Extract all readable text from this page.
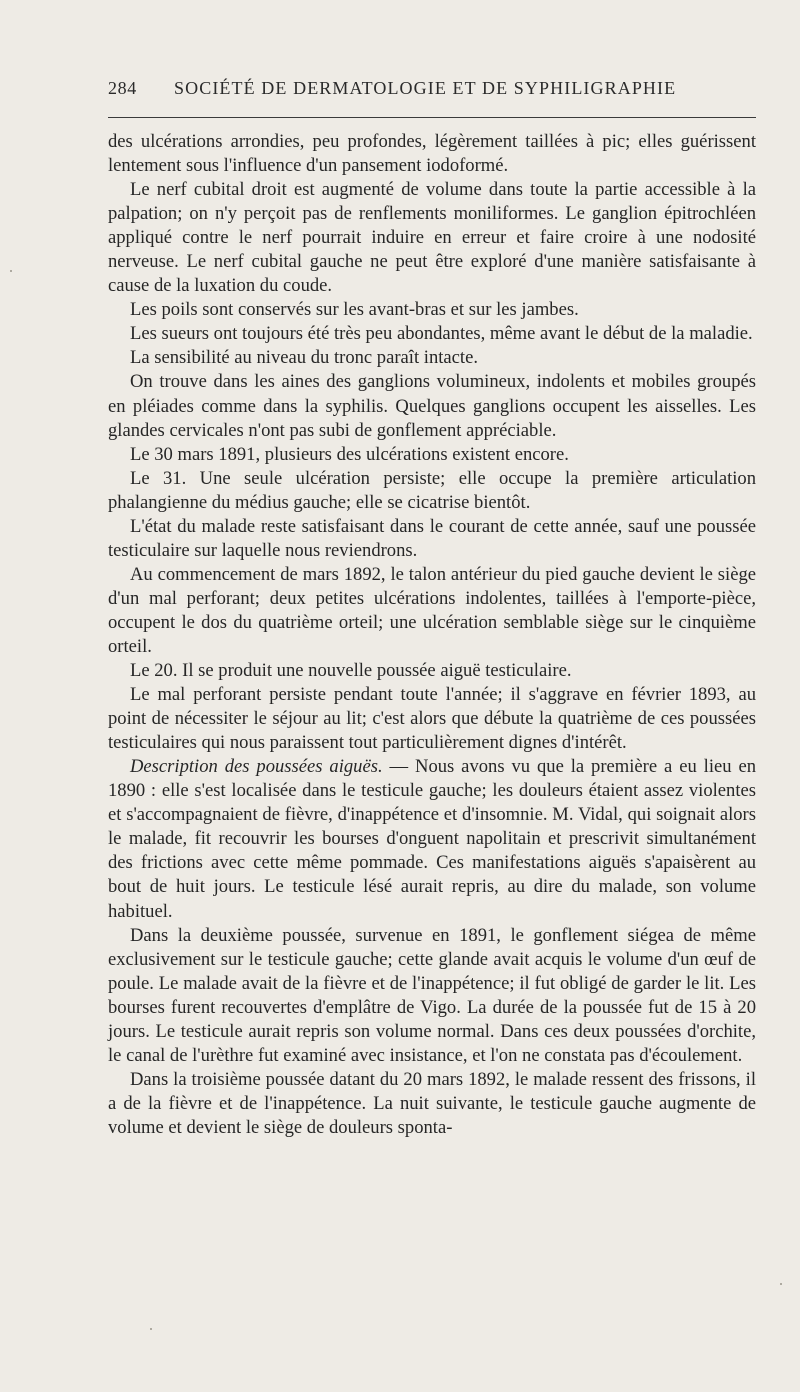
284 SOCIÉTÉ DE DERMATOLOGIE ET DE SYPHILIGRAPHIE

des ulcérations arrondies, peu profondes, légèrement taillées à pic; elles guérissent lentement sous l'influence d'un pansement iodoformé.

Le nerf cubital droit est augmenté de volume dans toute la partie accessible à la palpation; on n'y perçoit pas de renflements moniliformes. Le ganglion épitrochléen appliqué contre le nerf pourrait induire en erreur et faire croire à une nodosité nerveuse. Le nerf cubital gauche ne peut être exploré d'une manière satisfaisante à cause de la luxation du coude.

Les poils sont conservés sur les avant-bras et sur les jambes.

Les sueurs ont toujours été très peu abondantes, même avant le début de la maladie.

La sensibilité au niveau du tronc paraît intacte.

On trouve dans les aines des ganglions volumineux, indolents et mobiles groupés en pléiades comme dans la syphilis. Quelques ganglions occupent les aisselles. Les glandes cervicales n'ont pas subi de gonflement appréciable.

Le 30 mars 1891, plusieurs des ulcérations existent encore.

Le 31. Une seule ulcération persiste; elle occupe la première articulation phalangienne du médius gauche; elle se cicatrise bientôt.

L'état du malade reste satisfaisant dans le courant de cette année, sauf une poussée testiculaire sur laquelle nous reviendrons.

Au commencement de mars 1892, le talon antérieur du pied gauche devient le siège d'un mal perforant; deux petites ulcérations indolentes, taillées à l'emporte-pièce, occupent le dos du quatrième orteil; une ulcération semblable siège sur le cinquième orteil.

Le 20. Il se produit une nouvelle poussée aiguë testiculaire.

Le mal perforant persiste pendant toute l'année; il s'aggrave en février 1893, au point de nécessiter le séjour au lit; c'est alors que débute la quatrième de ces poussées testiculaires qui nous paraissent tout particulièrement dignes d'intérêt.

Description des poussées aiguës. — Nous avons vu que la première a eu lieu en 1890 : elle s'est localisée dans le testicule gauche; les douleurs étaient assez violentes et s'accompagnaient de fièvre, d'inappétence et d'insomnie. M. Vidal, qui soignait alors le malade, fit recouvrir les bourses d'onguent napolitain et prescrivit simultanément des frictions avec cette même pommade. Ces manifestations aiguës s'apaisèrent au bout de huit jours. Le testicule lésé aurait repris, au dire du malade, son volume habituel.

Dans la deuxième poussée, survenue en 1891, le gonflement siégea de même exclusivement sur le testicule gauche; cette glande avait acquis le volume d'un œuf de poule. Le malade avait de la fièvre et de l'inappétence; il fut obligé de garder le lit. Les bourses furent recouvertes d'emplâtre de Vigo. La durée de la poussée fut de 15 à 20 jours. Le testicule aurait repris son volume normal. Dans ces deux poussées d'orchite, le canal de l'urèthre fut examiné avec insistance, et l'on ne constata pas d'écoulement.

Dans la troisième poussée datant du 20 mars 1892, le malade ressent des frissons, il a de la fièvre et de l'inappétence. La nuit suivante, le testicule gauche augmente de volume et devient le siège de douleurs sponta-
